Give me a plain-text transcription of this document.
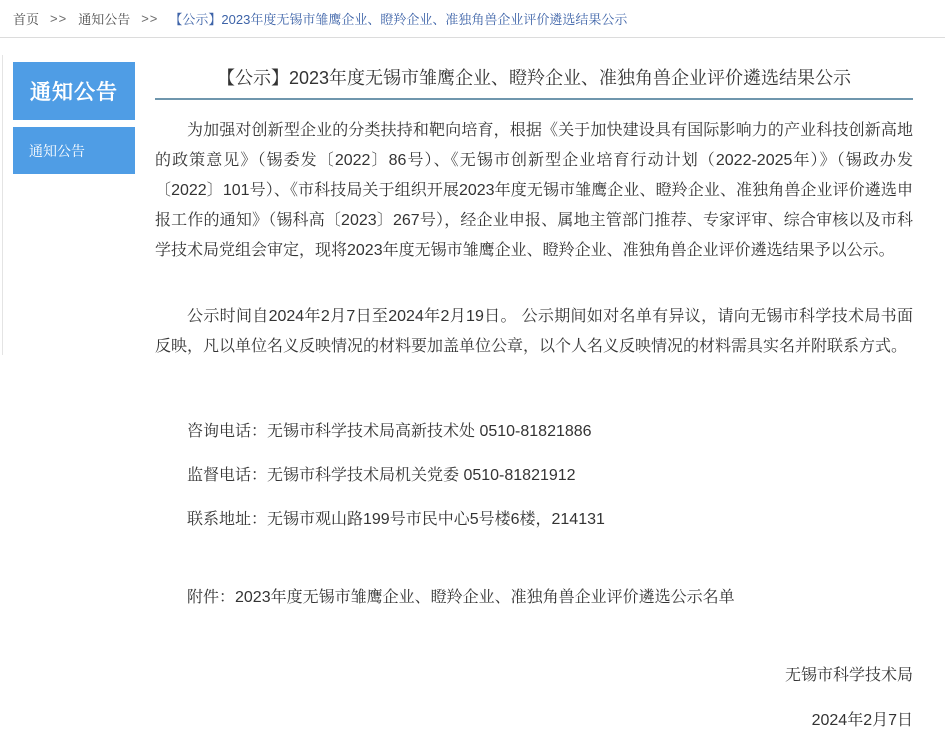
首页 >> 通知公告 >> 【公示】2023年度无锡市雏鹰企业、瞪羚企业、准独角兽企业评价遴选结果公示
通知公告
通知公告
【公示】2023年度无锡市雏鹰企业、瞪羚企业、准独角兽企业评价遴选结果公示

为加强对创新型企业的分类扶持和靶向培育，根据《关于加快建设具有国际影响力的产业科技创新高地的政策意见》（锡委发〔2022〕86号）、《无锡市创新型企业培育行动计划（2022-2025年）》（锡政办发〔2022〕101号）、《市科技局关于组织开展2023年度无锡市雏鹰企业、瞪羚企业、准独角兽企业评价遴选申报工作的通知》（锡科高〔2023〕267号），经企业申报、属地主管部门推荐、专家评审、综合审核以及市科学技术局党组会审定，现将2023年度无锡市雏鹰企业、瞪羚企业、准独角兽企业评价遴选结果予以公示。

公示时间自2024年2月7日至2024年2月19日。 公示期间如对名单有异议，请向无锡市科学技术局书面反映，凡以单位名义反映情况的材料要加盖单位公章，以个人名义反映情况的材料需具实名并附联系方式。

咨询电话：无锡市科学技术局高新技术处 0510-81821886

监督电话：无锡市科学技术局机关党委 0510-81821912

联系地址：无锡市观山路199号市民中心5号楼6楼，214131

附件：2023年度无锡市雏鹰企业、瞪羚企业、准独角兽企业评价遴选公示名单

无锡市科学技术局

2024年2月7日
